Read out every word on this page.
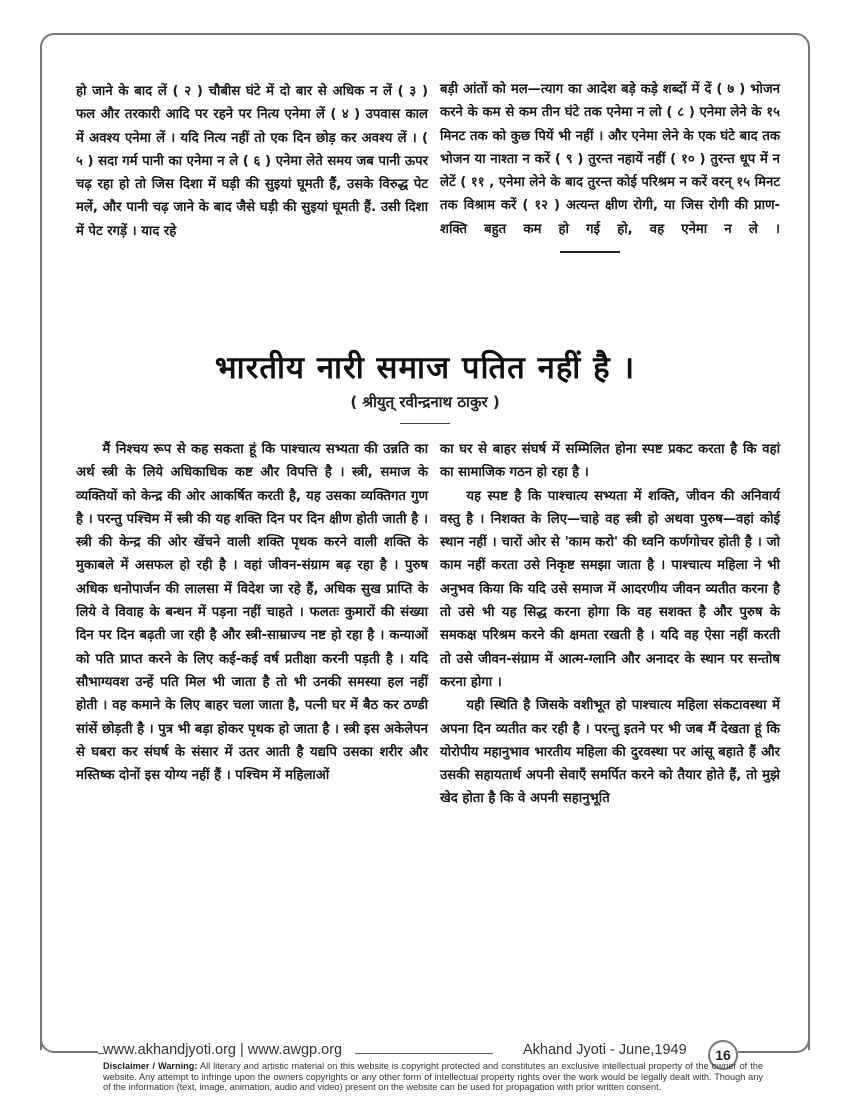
हो जाने के बाद लें ( २ ) चौबीस घंटे में दो बार से अधिक न लें ( ३ ) फल और तरकारी आदि पर रहने पर नित्य एनेमा लें ( ४ ) उपवास काल में अवश्य एनेमा लें । यदि नित्य नहीं तो एक दिन छोड़ कर अवश्य लें । ( ५ ) सदा गर्म पानी का एनेमा न ले ( ६ ) एनेमा लेते समय जब पानी ऊपर चढ़ रहा हो तो जिस दिशा में घड़ी की सुइयां घूमती हैं, उसके विरुद्ध पेट मलें, और पानी चढ़ जाने के बाद जैसे घड़ी की सुइयां घूमती हैं. उसी दिशा में पेट रगड़ें । याद रहे

बड़ी आंतों को मल—त्याग का आदेश बड़े कड़े शब्दों में दें ( ७ ) भोजन करने के कम से कम तीन घंटे तक एनेमा न लो ( ८ ) एनेमा लेने के १५ मिनट तक को कुछ पियें भी नहीं । और एनेमा लेने के एक घंटे बाद तक भोजन या नाश्ता न करें ( ९ ) तुरन्त नहायें नहीं ( १० ) तुरन्त धूप में न लेटें ( ११ , एनेमा लेने के बाद तुरन्त कोई परिश्रम न करें वरन् १५ मिनट तक विश्राम करें ( १२ ) अत्यन्त क्षीण रोगी, या जिस रोगी की प्राण-शक्ति बहुत कम हो गई हो, वह एनेमा न ले ।

भारतीय नारी समाज पतित नहीं है ।
( श्रीयुत् रवीन्द्रनाथ ठाकुर )

मैं निश्चय रूप से कह सकता हूं कि पाश्चात्य सभ्यता की उन्नति का अर्थ स्त्री के लिये अधिकाधिक कष्ट और विपत्ति है । स्त्री, समाज के व्यक्तियों को केन्द्र की ओर आकर्षित करती है, यह उसका व्यक्तिगत गुण है । परन्तु पश्चिम में स्त्री की यह शक्ति दिन पर दिन क्षीण होती जाती है । स्त्री की केन्द्र की ओर खेंचने वाली शक्ति पृथक करने वाली शक्ति के मुकाबले में असफल हो रही है । वहां जीवन-संग्राम बढ़ रहा है । पुरुष अधिक धनोपार्जन की लालसा में विदेश जा रहे हैं, अधिक सुख प्राप्ति के लिये वे विवाह के बन्धन में पड़ना नहीं चाहते । फलतः कुमारों की संख्या दिन पर दिन बढ़ती जा रही है और स्त्री-साम्राज्य नष्ट हो रहा है । कन्याओं को पति प्राप्त करने के लिए कई-कई वर्ष प्रतीक्षा करनी पड़ती है । यदि सौभाग्यवश उन्हें पति मिल भी जाता है तो भी उनकी समस्या हल नहीं होती । वह कमाने के लिए बाहर चला जाता है, पत्नी घर में बैठ कर ठण्डी सांसें छोड़ती है । पुत्र भी बड़ा होकर पृथक हो जाता है । स्त्री इस अकेलेपन से घबरा कर संघर्ष के संसार में उतर आती है यद्यपि उसका शरीर और मस्तिष्क दोनों इस योग्य नहीं हैं । पश्चिम में महिलाओं

का घर से बाहर संघर्ष में सम्मिलित होना स्पष्ट प्रकट करता है कि वहां का सामाजिक गठन हो रहा है ।

यह स्पष्ट है कि पाश्चात्य सभ्यता में शक्ति, जीवन की अनिवार्य वस्तु है । निशक्त के लिए—चाहे वह स्त्री हो अथवा पुरुष—वहां कोई स्थान नहीं । चारों ओर से 'काम करो' की ध्वनि कर्णगोचर होती है । जो काम नहीं करता उसे निकृष्ट समझा जाता है । पाश्चात्य महिला ने भी अनुभव किया कि यदि उसे समाज में आदरणीय जीवन व्यतीत करना है तो उसे भी यह सिद्ध करना होगा कि वह सशक्त है और पुरुष के समकक्ष परिश्रम करने की क्षमता रखती है । यदि वह ऐसा नहीं करती तो उसे जीवन-संग्राम में आत्म-ग्लानि और अनादर के स्थान पर सन्तोष करना होगा ।

यही स्थिति है जिसके वशीभूत हो पाश्चात्य महिला संकटावस्था में अपना दिन व्यतीत कर रही है । परन्तु इतने पर भी जब मैं देखता हूं कि योरोपीय महानुभाव भारतीय महिला की दुरवस्था पर आंसू बहाते हैं और उसकी सहायतार्थ अपनी सेवाएँ समर्पित करने को तैयार होते हैं, तो मुझे खेद होता है कि वे अपनी सहानुभूति

www.akhandjyoti.org | www.awgp.org	Akhand Jyoti - June,1949	16
Disclaimer / Warning: All literary and artistic material on this website is copyright protected and constitutes an exclusive intellectual property of the owner of the website. Any attempt to infringe upon the owners copyrights or any other form of intellectual property rights over the work would be legally dealt with. Though any of the information (text, image, animation, audio and video) present on the website can be used for propagation with prior written consent.
